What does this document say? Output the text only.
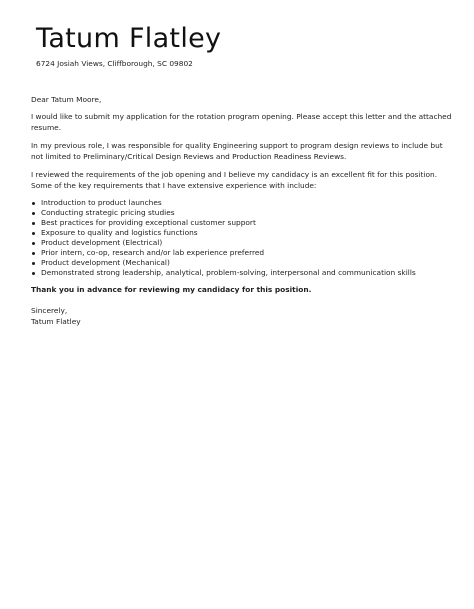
Tatum Flatley
6724 Josiah Views, Cliffborough, SC 09802

Dear Tatum Moore,

I would like to submit my application for the rotation program opening. Please accept this letter and the attached resume.

In my previous role, I was responsible for quality Engineering support to program design reviews to include but not limited to Preliminary/Critical Design Reviews and Production Readiness Reviews.

I reviewed the requirements of the job opening and I believe my candidacy is an excellent fit for this position. Some of the key requirements that I have extensive experience with include:

Introduction to product launches
Conducting strategic pricing studies
Best practices for providing exceptional customer support
Exposure to quality and logistics functions
Product development (Electrical)
Prior intern, co-op, research and/or lab experience preferred
Product development (Mechanical)
Demonstrated strong leadership, analytical, problem-solving, interpersonal and communication skills

Thank you in advance for reviewing my candidacy for this position.

Sincerely,
Tatum Flatley
